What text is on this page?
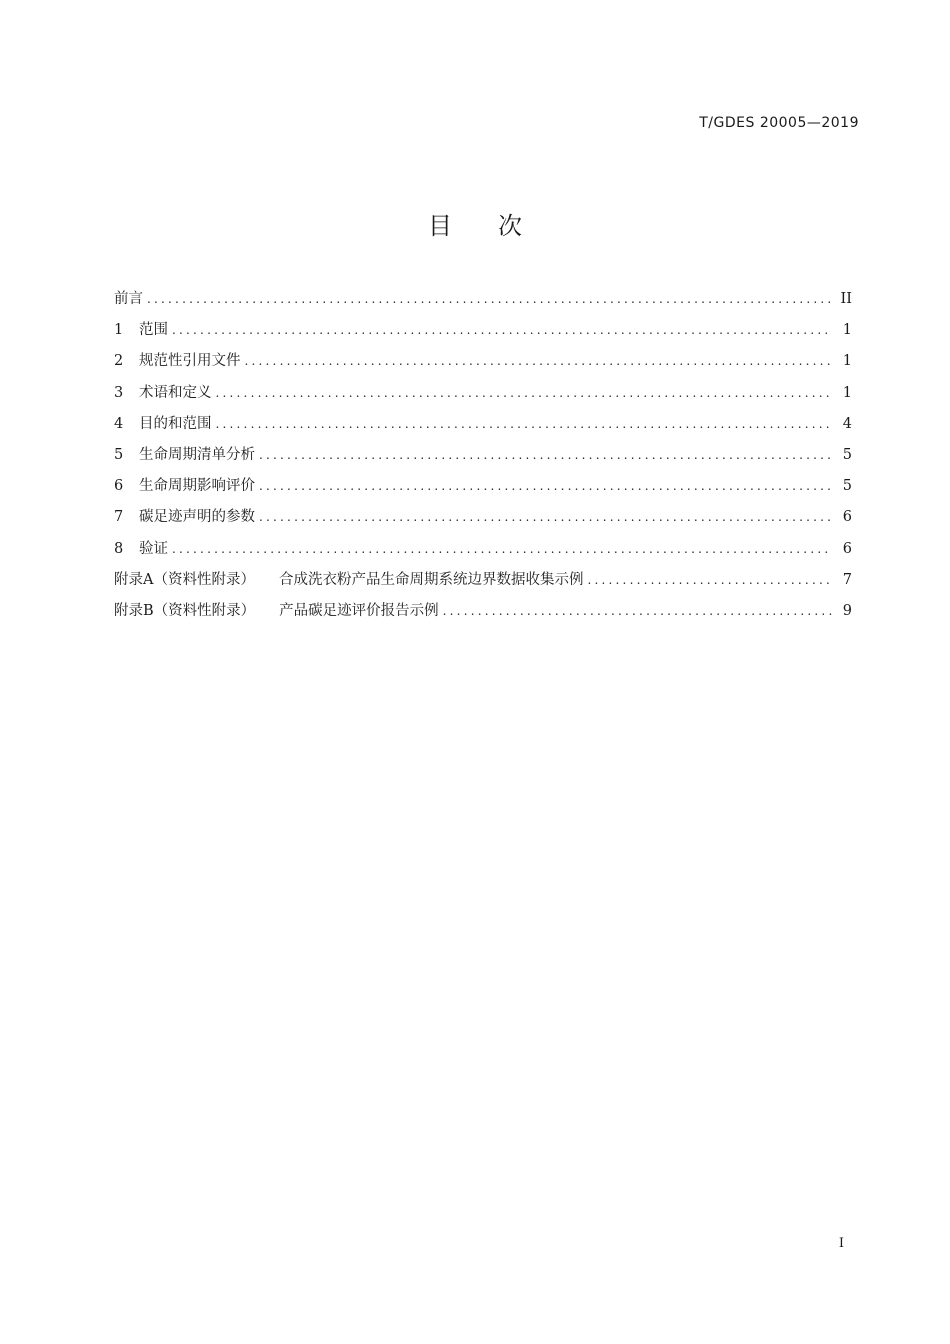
T/GDES 20005—2019
目次
前言 .....	II
1	范围 .....	1
2	规范性引用文件 .....	1
3	术语和定义 .....	1
4	目的和范围 .....	4
5	生命周期清单分析 .....	5
6	生命周期影响评价 .....	5
7	碳足迹声明的参数 .....	6
8	验证 .....	6
附录A（资料性附录） 合成洗衣粉产品生命周期系统边界数据收集示例 .....	7
附录B（资料性附录） 产品碳足迹评价报告示例 .....	9
I
